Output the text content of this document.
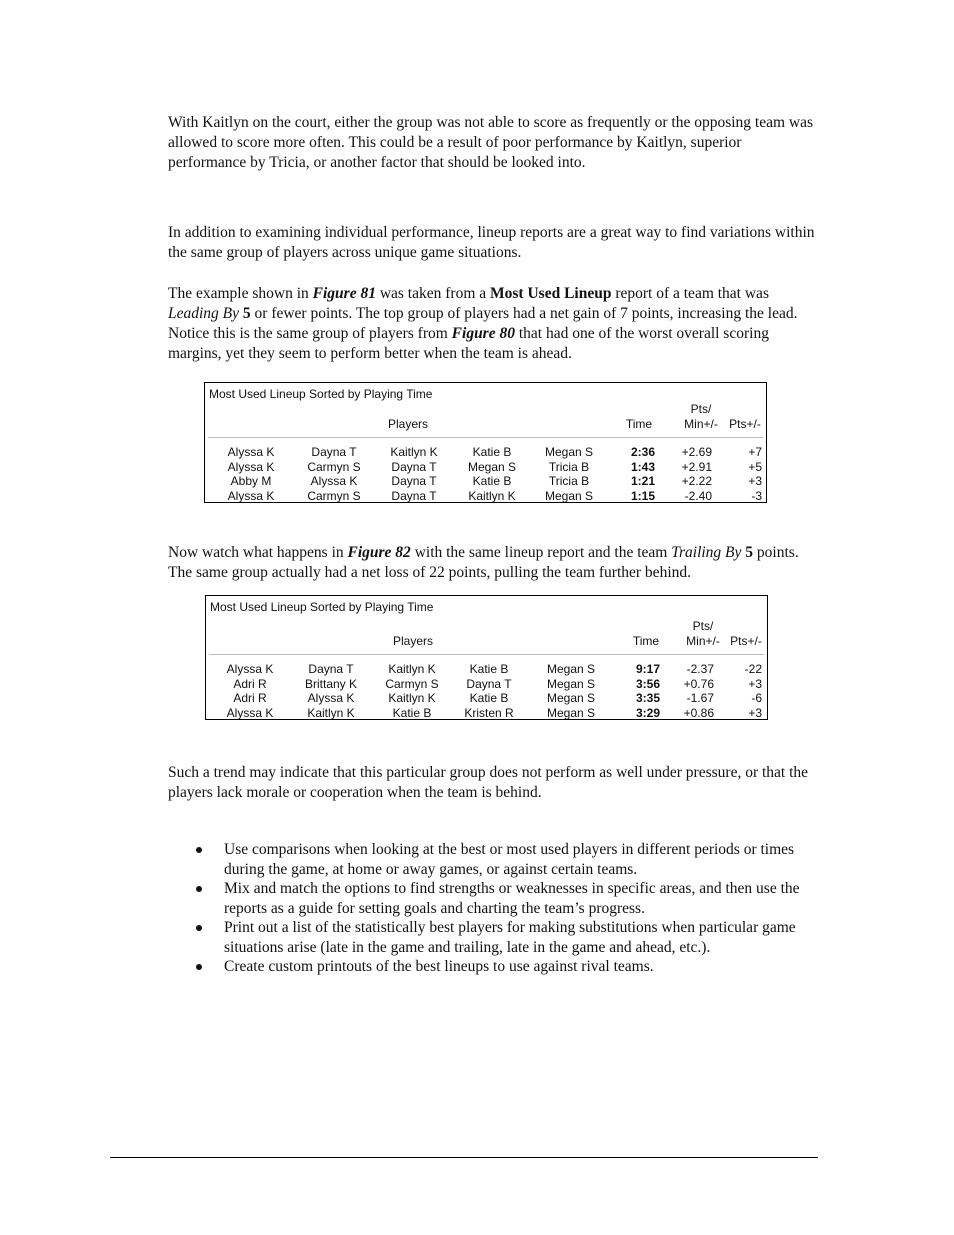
With Kaitlyn on the court, either the group was not able to score as frequently or the opposing team was allowed to score more often. This could be a result of poor performance by Kaitlyn, superior performance by Tricia, or another factor that should be looked into.

In addition to examining individual performance, lineup reports are a great way to find variations within the same group of players across unique game situations.

The example shown in Figure 81 was taken from a Most Used Lineup report of a team that was Leading By 5 or fewer points. The top group of players had a net gain of 7 points, increasing the lead. Notice this is the same group of players from Figure 80 that had one of the worst overall scoring margins, yet they seem to perform better when the team is ahead.

Most Used Lineup Sorted by Playing Time
Players	Time
Pts/
Min+/- Pts+/-
Alyssa K	Dayna T	Kaitlyn K	Katie B	Megan S	2:36	+2.69	+7
Alyssa K	Carmyn S	Dayna T	Megan S	Tricia B	1:43	+2.91	+5
Abby M	Alyssa K	Dayna T	Katie B	Tricia B	1:21	+2.22	+3
Alyssa K	Carmyn S	Dayna T	Kaitlyn K	Megan S	1:15	-2.40	-3

Now watch what happens in Figure 82 with the same lineup report and the team Trailing By 5 points. The same group actually had a net loss of 22 points, pulling the team further behind.

Most Used Lineup Sorted by Playing Time
Players	Time
Pts/
Min+/- Pts+/-
Alyssa K	Dayna T	Kaitlyn K	Katie B	Megan S	9:17	-2.37	-22
Adri R	Brittany K	Carmyn S	Dayna T	Megan S	3:56	+0.76	+3
Adri R	Alyssa K	Kaitlyn K	Katie B	Megan S	3:35	-1.67	-6
Alyssa K	Kaitlyn K	Katie B	Kristen R	Megan S	3:29	+0.86	+3

Such a trend may indicate that this particular group does not perform as well under pressure, or that the players lack morale or cooperation when the team is behind.

Use comparisons when looking at the best or most used players in different periods or times during the game, at home or away games, or against certain teams.
Mix and match the options to find strengths or weaknesses in specific areas, and then use the reports as a guide for setting goals and charting the team’s progress.
Print out a list of the statistically best players for making substitutions when particular game situations arise (late in the game and trailing, late in the game and ahead, etc.).
Create custom printouts of the best lineups to use against rival teams.
